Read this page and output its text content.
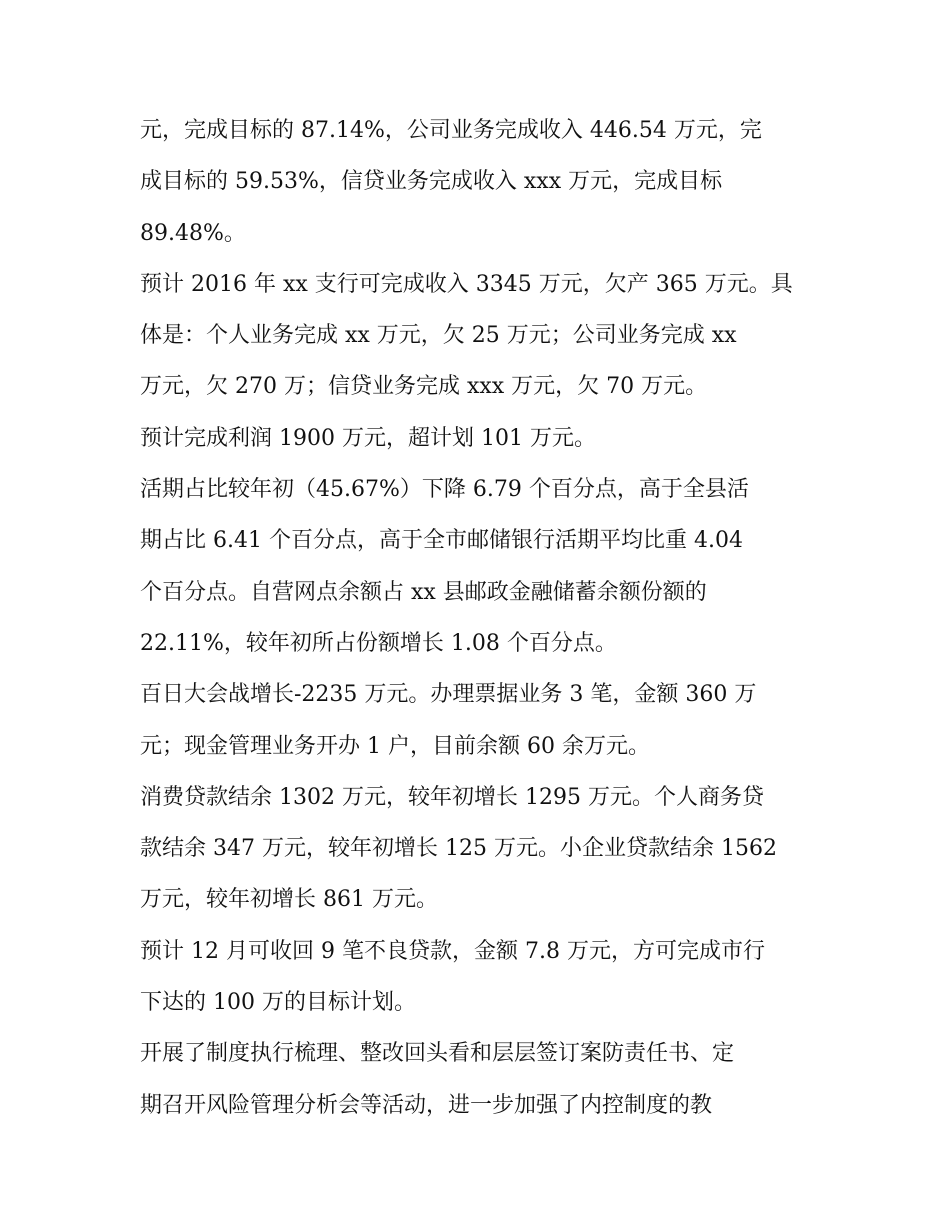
元，完成目标的 87.14%，公司业务完成收入 446.54 万元，完
成目标的 59.53%，信贷业务完成收入 xxx 万元，完成目标
89.48%。
预计 2016 年 xx 支行可完成收入 3345 万元，欠产 365 万元。具
体是：个人业务完成 xx 万元，欠 25 万元；公司业务完成 xx
万元，欠 270 万；信贷业务完成 xxx 万元，欠 70 万元。
预计完成利润 1900 万元，超计划 101 万元。
活期占比较年初（45.67%）下降 6.79 个百分点，高于全县活
期占比 6.41 个百分点，高于全市邮储银行活期平均比重 4.04
个百分点。自营网点余额占 xx 县邮政金融储蓄余额份额的
22.11%，较年初所占份额增长 1.08 个百分点。
百日大会战增长-2235 万元。办理票据业务 3 笔，金额 360 万
元；现金管理业务开办 1 户，目前余额 60 余万元。
消费贷款结余 1302 万元，较年初增长 1295 万元。个人商务贷
款结余 347 万元，较年初增长 125 万元。小企业贷款结余 1562
万元，较年初增长 861 万元。
预计 12 月可收回 9 笔不良贷款，金额 7.8 万元，方可完成市行
下达的 100 万的目标计划。
开展了制度执行梳理、整改回头看和层层签订案防责任书、定
期召开风险管理分析会等活动，进一步加强了内控制度的教
